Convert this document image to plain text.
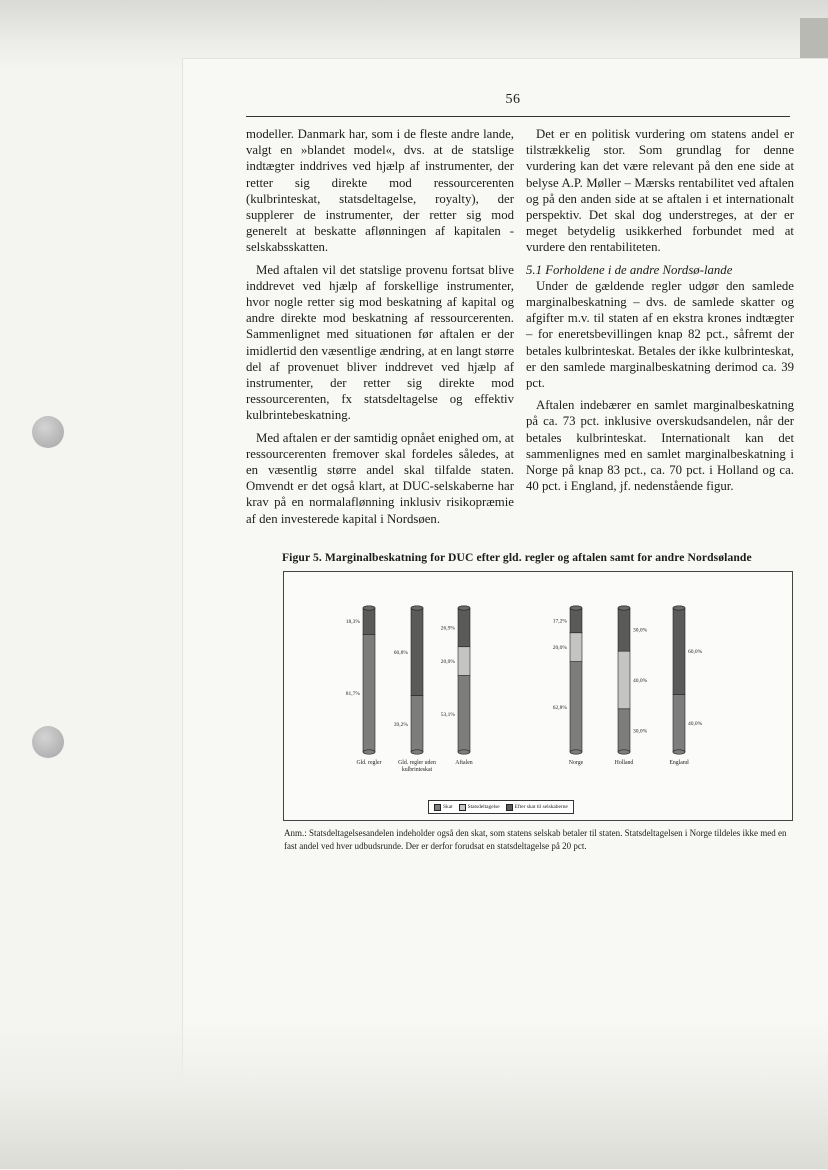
56

modeller. Danmark har, som i de fleste andre lande, valgt en »blandet model«, dvs. at de statslige indtægter inddrives ved hjælp af instrumenter, der retter sig direkte mod ressourcerenten (kulbrinteskat, statsdeltagelse, royalty), der supplerer de instrumenter, der retter sig mod generelt at beskatte aflønningen af kapitalen - selskabsskatten.

Med aftalen vil det statslige provenu fortsat blive inddrevet ved hjælp af forskellige instrumenter, hvor nogle retter sig mod beskatning af kapital og andre direkte mod beskatning af ressourcerenten. Sammenlignet med situationen før aftalen er der imidlertid den væsentlige ændring, at en langt større del af provenuet bliver inddrevet ved hjælp af instrumenter, der retter sig direkte mod ressourcerenten, fx statsdeltagelse og effektiv kulbrintebeskatning.

Med aftalen er der samtidig opnået enighed om, at ressourcerenten fremover skal fordeles således, at en væsentlig større andel skal tilfalde staten. Omvendt er det også klart, at DUC-selskaberne har krav på en normalaflønning inklusiv risikopræmie af den investerede kapital i Nordsøen.

Det er en politisk vurdering om statens andel er tilstrækkelig stor. Som grundlag for denne vurdering kan det være relevant på den ene side at belyse A.P. Møller – Mærsks rentabilitet ved aftalen og på den anden side at se aftalen i et internationalt perspektiv. Det skal dog understreges, at der er meget betydelig usikkerhed forbundet med at vurdere den rentabiliteten.

5.1 Forholdene i de andre Nordsø-lande

Under de gældende regler udgør den samlede marginalbeskatning – dvs. de samlede skatter og afgifter m.v. til staten af en ekstra krones indtægter – for eneretsbevillingen knap 82 pct., såfremt der betales kulbrinteskat. Betales der ikke kulbrinteskat, er den samlede marginalbeskatning derimod ca. 39 pct.

Aftalen indebærer en samlet marginalbeskatning på ca. 73 pct. inklusive overskudsandelen, når der betales kulbrinteskat. Internationalt kan det sammenlignes med en samlet marginalbeskatning i Norge på knap 83 pct., ca. 70 pct. i Holland og ca. 40 pct. i England, jf. nedenstående figur.

Figur 5. Marginalbeskatning for DUC efter gld. regler og aftalen samt for andre Nordsølande
81,7%
18,3%
Gld. regler
39,2%
60,8%
Gld. regler uden
kulbrinteskat
53,1%
20,0%
26,9%
Aftalen
62,8%
20,0%
17,2%
Norge
30,0%
40,0%
30,0%
Holland
40,0%
60,0%
England
Skat	Statsdeltagelse	Efter skat til selskaberne

Anm.: Statsdeltagelsesandelen indeholder også den skat, som statens selskab betaler til staten. Statsdeltagelsen i Norge tildeles ikke med en fast andel ved hver udbudsrunde. Der er derfor forudsat en statsdeltagelse på 20 pct.
